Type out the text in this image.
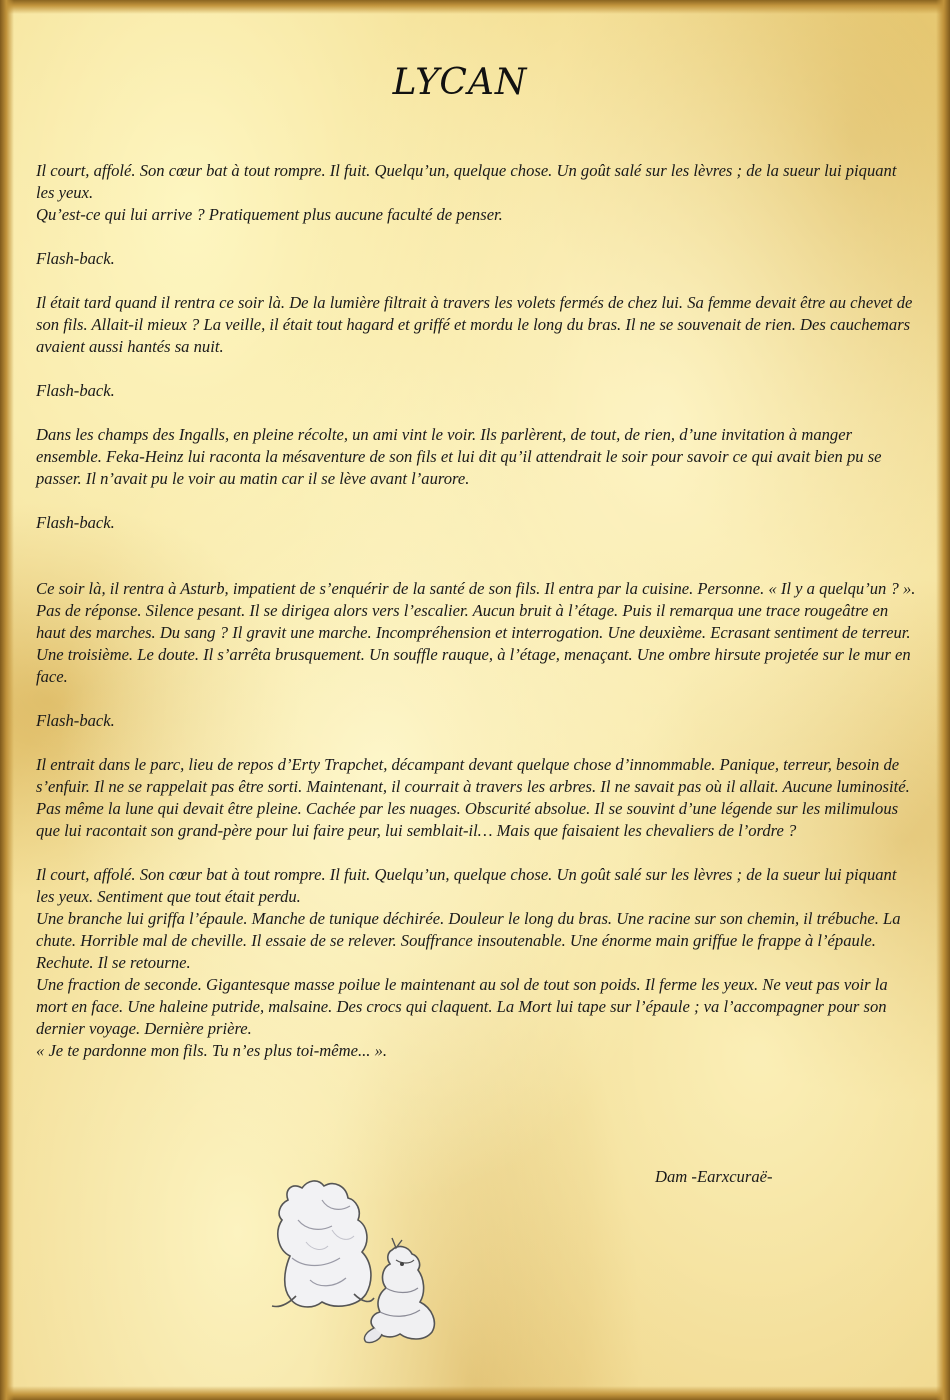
LYCAN

Il court, affolé. Son cœur bat à tout rompre. Il fuit. Quelqu’un, quelque chose. Un goût salé sur les lèvres ; de la sueur lui piquant les yeux.

Qu’est-ce qui lui arrive ? Pratiquement plus aucune faculté de penser.

Flash-back.

Il était tard quand il rentra ce soir là. De la lumière filtrait à travers les volets fermés de chez lui. Sa femme devait être au chevet de son fils. Allait-il mieux ? La veille, il était tout hagard et griffé et mordu le long du bras. Il ne se souvenait de rien. Des cauchemars avaient aussi hantés sa nuit.

Flash-back.

Dans les champs des Ingalls, en pleine récolte, un ami vint le voir. Ils parlèrent, de tout, de rien, d’une invitation à manger ensemble. Feka-Heinz lui raconta la mésaventure de son fils et lui dit qu’il attendrait le soir pour savoir ce qui avait bien pu se passer. Il n’avait pu le voir au matin car il se lève avant l’aurore.

Flash-back.

Ce soir là, il rentra à Asturb, impatient de s’enquérir de la santé de son fils. Il entra par la cuisine. Personne. « Il y a quelqu’un ? ». Pas de réponse. Silence pesant. Il se dirigea alors vers l’escalier. Aucun bruit à l’étage. Puis il remarqua une trace rougeâtre en haut des marches. Du sang ? Il gravit une marche. Incompréhension et interrogation. Une deuxième. Ecrasant sentiment de terreur. Une troisième. Le doute. Il s’arrêta brusquement. Un souffle rauque, à l’étage, menaçant. Une ombre hirsute projetée sur le mur en face.

Flash-back.

Il entrait dans le parc, lieu de repos d’Erty Trapchet, décampant devant quelque chose d’innommable. Panique, terreur, besoin de s’enfuir. Il ne se rappelait pas être sorti. Maintenant, il courrait à travers les arbres. Il ne savait pas où il allait. Aucune luminosité. Pas même la lune qui devait être pleine. Cachée par les nuages. Obscurité absolue. Il se souvint d’une légende sur les milimulous que lui racontait son grand-père pour lui faire peur, lui semblait-il… Mais que faisaient les chevaliers de l’ordre ?

Il court, affolé. Son cœur bat à tout rompre. Il fuit. Quelqu’un, quelque chose. Un goût salé sur les lèvres ; de la sueur lui piquant les yeux. Sentiment que tout était perdu.

Une branche lui griffa l’épaule. Manche de tunique déchirée. Douleur le long du bras. Une racine sur son chemin, il trébuche. La chute. Horrible mal de cheville. Il essaie de se relever. Souffrance insoutenable. Une énorme main griffue le frappe à l’épaule. Rechute. Il se retourne.

Une fraction de seconde. Gigantesque masse poilue le maintenant au sol de tout son poids. Il ferme les yeux. Ne veut pas voir la mort en face. Une haleine putride, malsaine. Des crocs qui claquent. La Mort lui tape sur l’épaule ; va l’accompagner pour son dernier voyage. Dernière prière.

« Je te pardonne mon fils. Tu n’es plus toi-même... ».

Dam -Earxcuraë-
